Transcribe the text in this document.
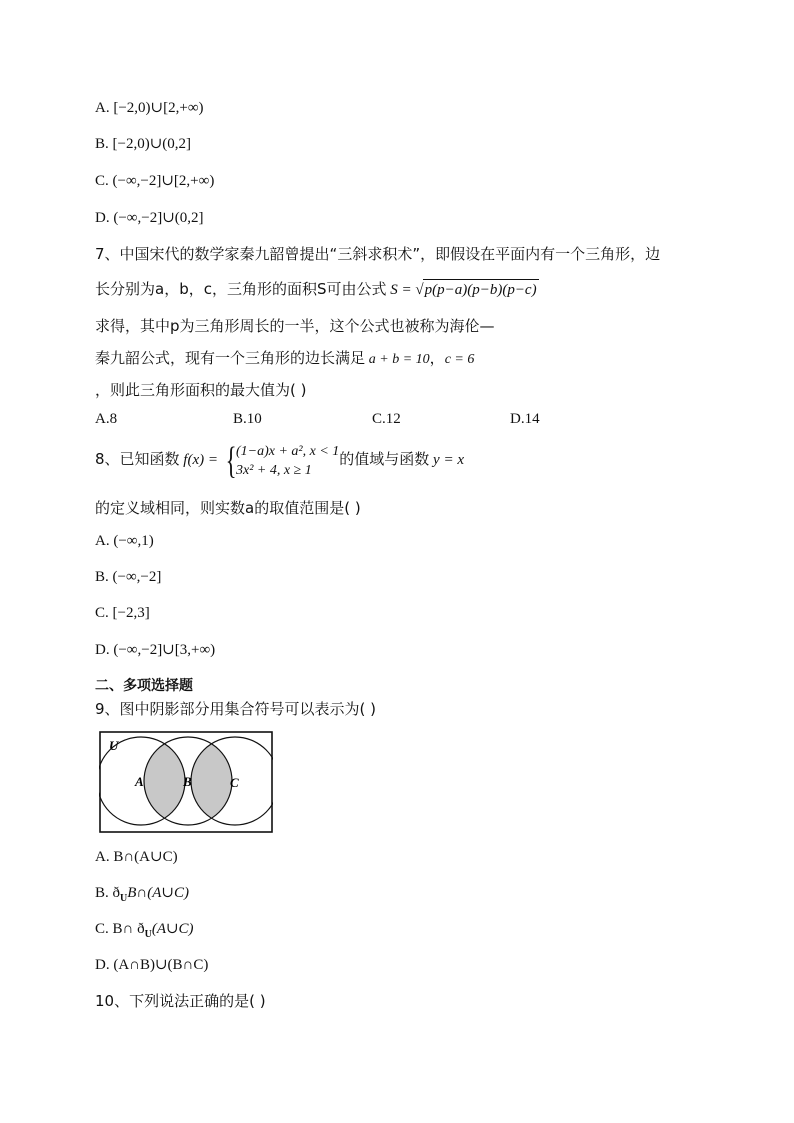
A. [−2,0)∪[2,+∞)
B. [−2,0)∪(0,2]
C. (−∞,−2]∪[2,+∞)
D. (−∞,−2]∪(0,2]
7、中国宋代的数学家秦九韶曾提出“三斜求积术”，即假设在平面内有一个三角形，边
长分别为a，b，c，三角形的面积S可由公式 S = √p(p−a)(p−b)(p−c)
求得，其中p为三角形周长的一半，这个公式也被称为海伦—
秦九韶公式，现有一个三角形的边长满足 a + b = 10，c = 6
，则此三角形面积的最大值为( )
A.8	B.10	C.12	D.14
8、已知函数 f(x) = {(1−a)x + a², x < 1
3x² + 4, x ≥ 1的值域与函数 y = x
的定义域相同，则实数a的取值范围是( )
A. (−∞,1)
B. (−∞,−2]
C. [−2,3]
D. (−∞,−2]∪[3,+∞)
二、多项选择题
9、图中阴影部分用集合符号可以表示为( )
U
A	B	C
A. B∩(A∪C)
B. $ð_UB\cap(A\cup C)$
C. B∩ $ð_U(A\cup C)$
D. (A∩B)∪(B∩C)
10、下列说法正确的是( )
